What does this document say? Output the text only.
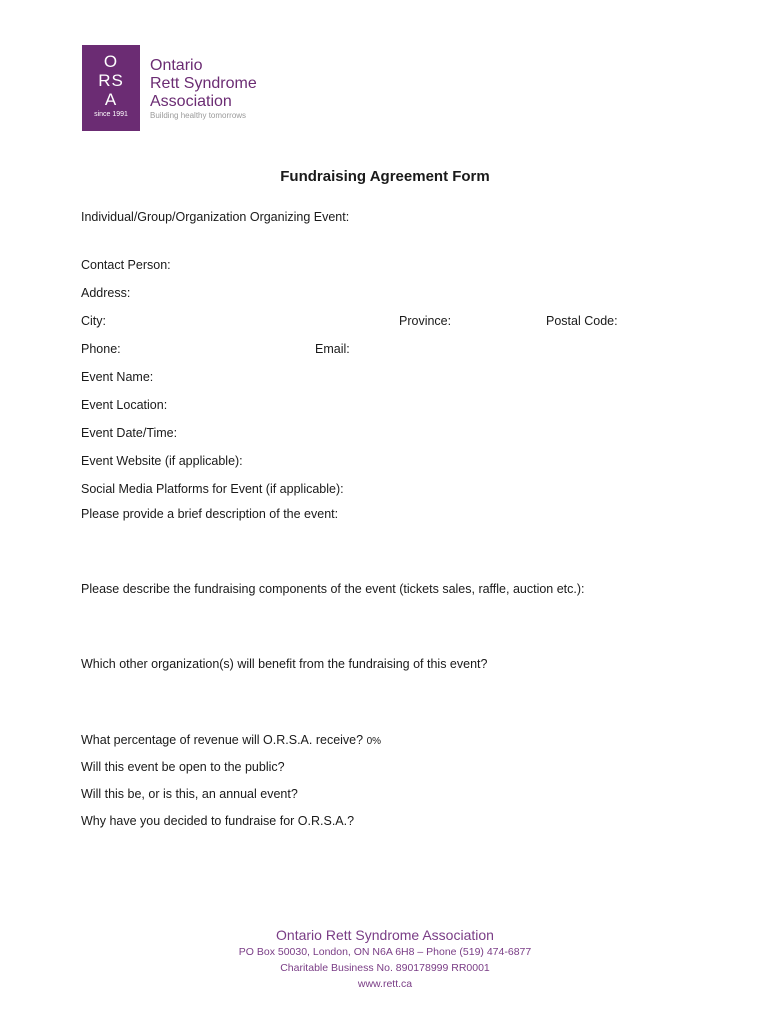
O
RS
A
since 1991
Ontario
Rett Syndrome
Association
Building healthy tomorrows
Fundraising Agreement Form
Individual/Group/Organization Organizing Event:
Contact Person:
Address:
City:	Province:	Postal Code:
Phone:	Email:
Event Name:
Event Location:
Event Date/Time:
Event Website (if applicable):
Social Media Platforms for Event (if applicable):
Please provide a brief description of the event:
Please describe the fundraising components of the event (tickets sales, raffle, auction etc.):
Which other organization(s) will benefit from the fundraising of this event?
What percentage of revenue will O.R.S.A. receive? 0%
Will this event be open to the public?
Will this be, or is this, an annual event?
Why have you decided to fundraise for O.R.S.A.?
Ontario Rett Syndrome Association
PO Box 50030, London, ON N6A 6H8 – Phone (519) 474-6877
Charitable Business No. 890178999 RR0001
www.rett.ca
